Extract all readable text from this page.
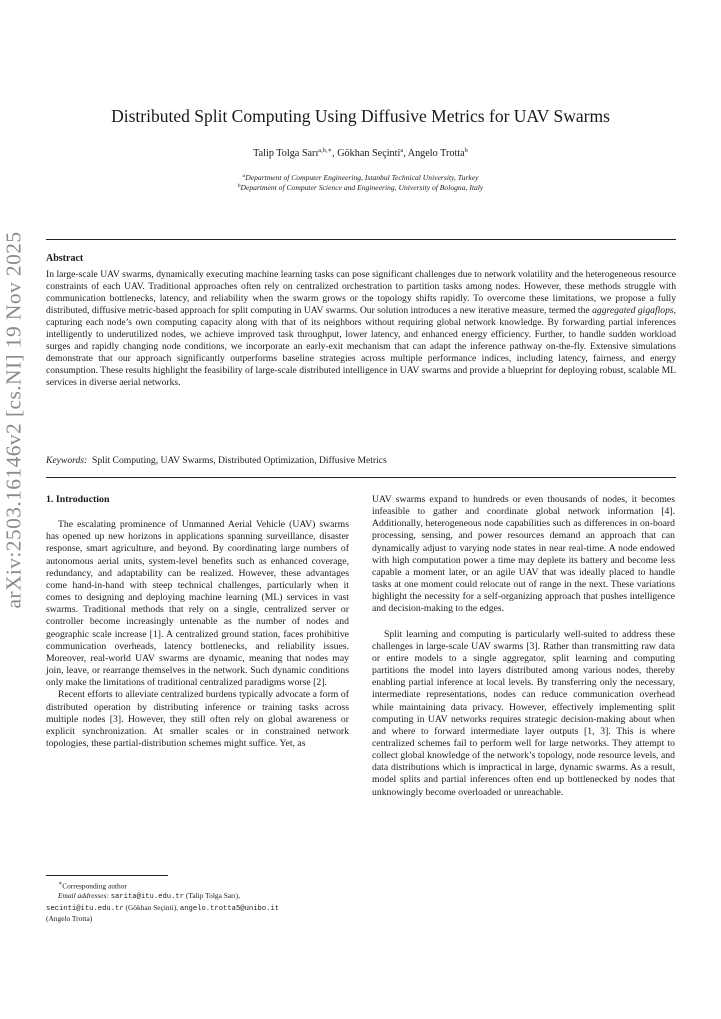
arXiv:2503.16146v2 [cs.NI] 19 Nov 2025
Distributed Split Computing Using Diffusive Metrics for UAV Swarms
Talip Tolga Sarı$^{a,b,∗}$, Gökhan Seçinti$^a$, Angelo Trotta$^b$
$^a$Department of Computer Engineering, Istanbul Technical University, Turkey
$^b$Department of Computer Science and Engineering, University of Bologna, Italy
Abstract
In large-scale UAV swarms, dynamically executing machine learning tasks can pose significant challenges due to network volatility and the heterogeneous resource constraints of each UAV. Traditional approaches often rely on centralized orchestration to partition tasks among nodes. However, these methods struggle with communication bottlenecks, latency, and reliability when the swarm grows or the topology shifts rapidly. To overcome these limitations, we propose a fully distributed, diffusive metric-based approach for split computing in UAV swarms. Our solution introduces a new iterative measure, termed the aggregated gigaflops, capturing each node’s own computing capacity along with that of its neighbors without requiring global network knowledge. By forwarding partial inferences intelligently to underutilized nodes, we achieve improved task throughput, lower latency, and enhanced energy efficiency. Further, to handle sudden workload surges and rapidly changing node conditions, we incorporate an early-exit mechanism that can adapt the inference pathway on-the-fly. Extensive simulations demonstrate that our approach significantly outperforms baseline strategies across multiple performance indices, including latency, fairness, and energy consumption. These results highlight the feasibility of large-scale distributed intelligence in UAV swarms and provide a blueprint for deploying robust, scalable ML services in diverse aerial networks.
Keywords: Split Computing, UAV Swarms, Distributed Optimization, Diffusive Metrics
1. Introduction

The escalating prominence of Unmanned Aerial Vehicle (UAV) swarms has opened up new horizons in applications spanning surveillance, disaster response, smart agriculture, and beyond. By coordinating large numbers of autonomous aerial units, system-level benefits such as enhanced coverage, redundancy, and adaptability can be realized. However, these advantages come hand-in-hand with steep technical challenges, particularly when it comes to designing and deploying machine learning (ML) services in vast swarms. Traditional methods that rely on a single, centralized server or controller become increasingly untenable as the number of nodes and geographic scale increase [1]. A centralized ground station, faces prohibitive communication overheads, latency bottlenecks, and reliability issues. Moreover, real-world UAV swarms are dynamic, meaning that nodes may join, leave, or rearrange themselves in the network. Such dynamic conditions only make the limitations of traditional centralized paradigms worse [2].

Recent efforts to alleviate centralized burdens typically advocate a form of distributed operation by distributing inference or training tasks across multiple nodes [3]. However, they still often rely on global awareness or explicit synchronization. At smaller scales or in constrained network topologies, these partial-distribution schemes might suffice. Yet, as

UAV swarms expand to hundreds or even thousands of nodes, it becomes infeasible to gather and coordinate global network information [4]. Additionally, heterogeneous node capabilities such as differences in on-board processing, sensing, and power resources demand an approach that can dynamically adjust to varying node states in near real-time. A node endowed with high computation power a time may deplete its battery and become less capable a moment later, or an agile UAV that was ideally placed to handle tasks at one moment could relocate out of range in the next. These variations highlight the necessity for a self-organizing approach that pushes intelligence and decision-making to the edges.

Split learning and computing is particularly well-suited to address these challenges in large-scale UAV swarms [3]. Rather than transmitting raw data or entire models to a single aggregator, split learning and computing partitions the model into layers distributed among various nodes, thereby enabling partial inference at local levels. By transferring only the necessary, intermediate representations, nodes can reduce communication overhead while maintaining data privacy. However, effectively implementing split computing in UAV networks requires strategic decision-making about when and where to forward intermediate layer outputs [1, 3]. This is where centralized schemes fail to perform well for large networks. They attempt to collect global knowledge of the network’s topology, node resource levels, and data distributions which is impractical in large, dynamic swarms. As a result, model splits and partial inferences often end up bottlenecked by nodes that unknowingly become overloaded or unreachable.

∗Corresponding author
Email addresses: sarita@itu.edu.tr (Talip Tolga Sarı),
secinti@itu.edu.tr (Gökhan Seçinti), angelo.trotta5@unibo.it
(Angelo Trotta)
